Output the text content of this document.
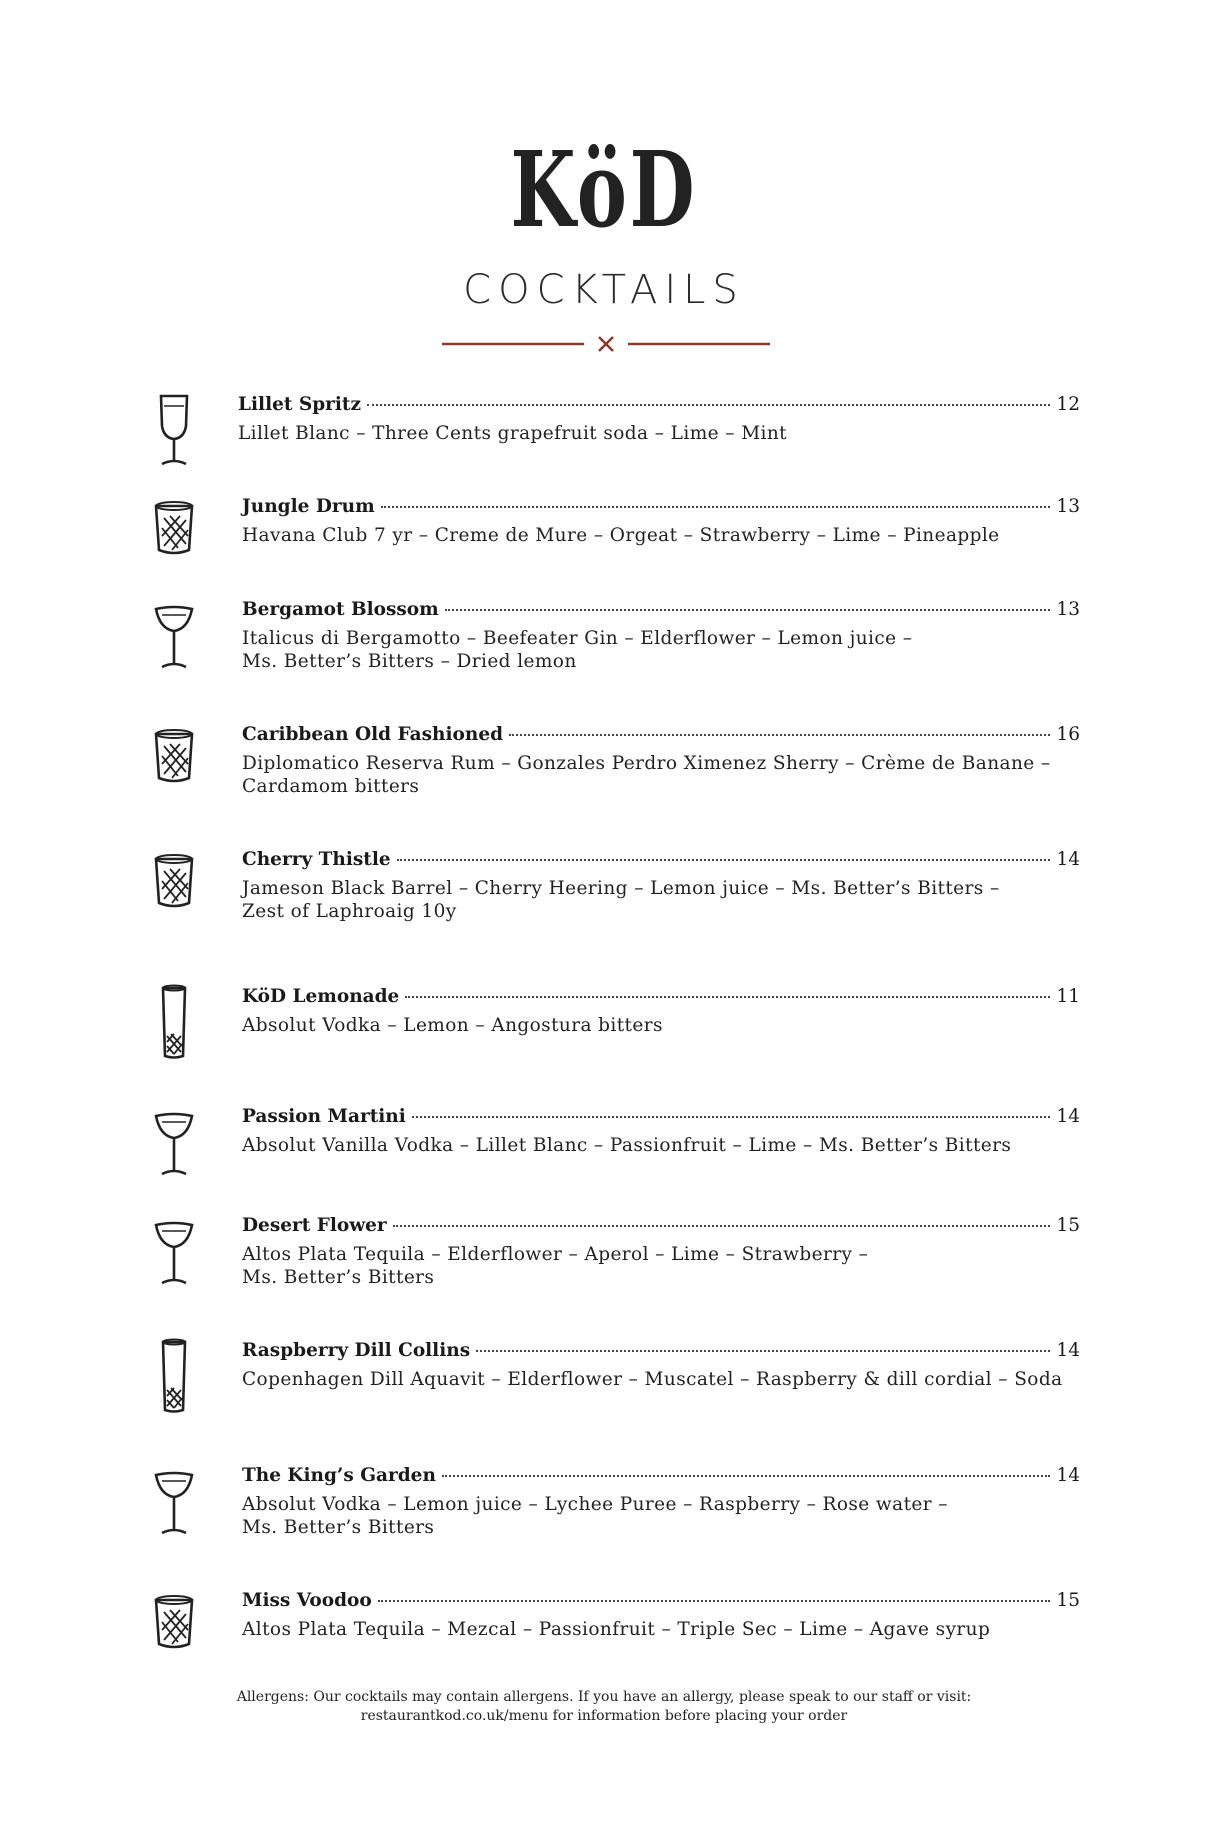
KöD
COCKTAILS
Lillet Spritz	12
Lillet Blanc – Three Cents grapefruit soda – Lime – Mint
Jungle Drum	13
Havana Club 7 yr – Creme de Mure – Orgeat – Strawberry – Lime – Pineapple
Bergamot Blossom	13
Italicus di Bergamotto – Beefeater Gin – Elderflower – Lemon juice –
Ms. Better’s Bitters – Dried lemon
Caribbean Old Fashioned	16
Diplomatico Reserva Rum – Gonzales Perdro Ximenez Sherry – Crème de Banane –
Cardamom bitters
Cherry Thistle	14
Jameson Black Barrel – Cherry Heering – Lemon juice – Ms. Better’s Bitters –
Zest of Laphroaig 10y
KöD Lemonade	11
Absolut Vodka – Lemon – Angostura bitters
Passion Martini	14
Absolut Vanilla Vodka – Lillet Blanc – Passionfruit – Lime – Ms. Better’s Bitters
Desert Flower	15
Altos Plata Tequila – Elderflower – Aperol – Lime – Strawberry –
Ms. Better’s Bitters
Raspberry Dill Collins	14
Copenhagen Dill Aquavit – Elderflower – Muscatel – Raspberry & dill cordial – Soda
The King’s Garden	14
Absolut Vodka – Lemon juice – Lychee Puree – Raspberry – Rose water –
Ms. Better’s Bitters
Miss Voodoo	15
Altos Plata Tequila – Mezcal – Passionfruit – Triple Sec – Lime – Agave syrup
Allergens: Our cocktails may contain allergens. If you have an allergy, please speak to our staff or visit:
restaurantkod.co.uk/menu for information before placing your order
